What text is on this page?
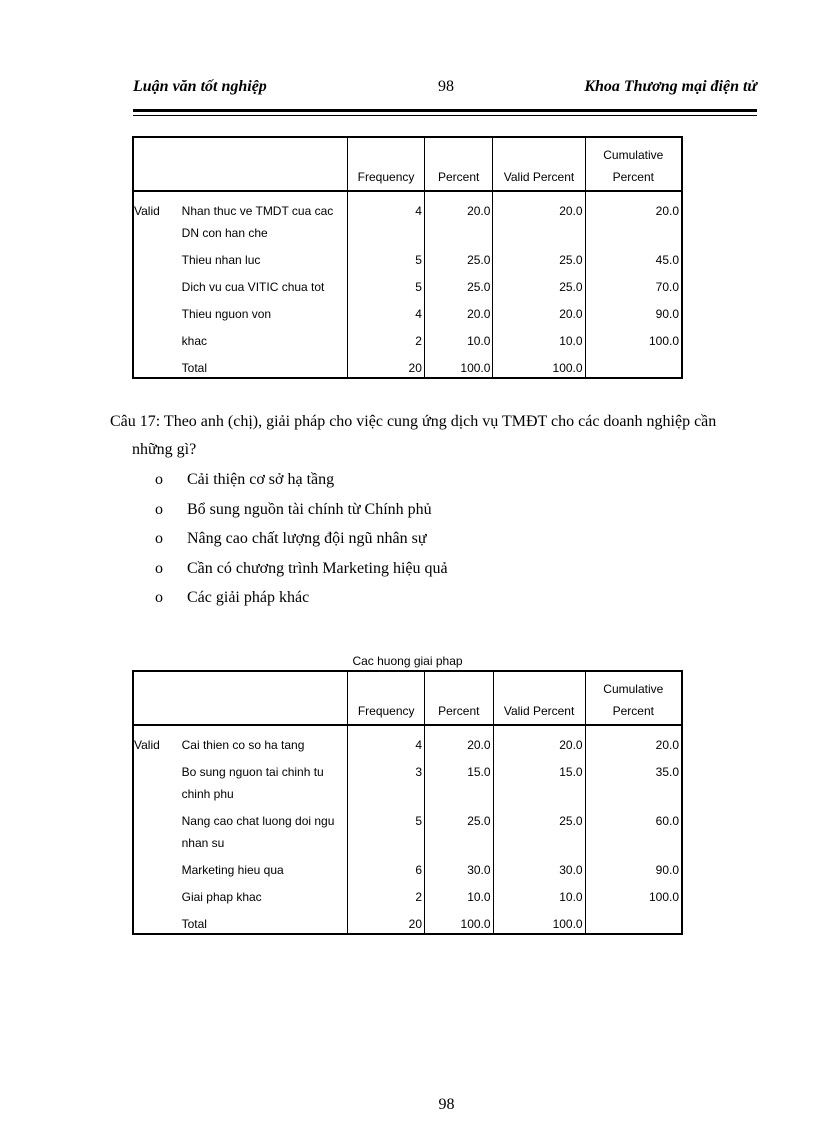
Luận văn tốt nghiệp	98	Khoa Thương mại điện tử
		Frequency	Percent	Valid Percent	Cumulative Percent
Valid	Nhan thuc ve TMDT cua cac DN con han che	4	20.0	20.0	20.0
	Thieu nhan luc	5	25.0	25.0	45.0
	Dich vu cua VITIC chua tot	5	25.0	25.0	70.0
	Thieu nguon von	4	20.0	20.0	90.0
	khac	2	10.0	10.0	100.0
	Total	20	100.0	100.0	
Câu 17: Theo anh (chị), giải pháp cho việc cung ứng dịch vụ TMĐT cho các doanh nghiệp cần
những gì?
o Cải thiện cơ sở hạ tầng
o Bổ sung nguồn tài chính từ Chính phủ
o Nâng cao chất lượng đội ngũ nhân sự
o Cần có chương trình Marketing hiệu quả
o Các giải pháp khác
Cac huong giai phap
		Frequency	Percent	Valid Percent	Cumulative Percent
Valid	Cai thien co so ha tang	4	20.0	20.0	20.0
	Bo sung nguon tai chinh tu chinh phu	3	15.0	15.0	35.0
	Nang cao chat luong doi ngu nhan su	5	25.0	25.0	60.0
	Marketing hieu qua	6	30.0	30.0	90.0
	Giai phap khac	2	10.0	10.0	100.0
	Total	20	100.0	100.0	
98
